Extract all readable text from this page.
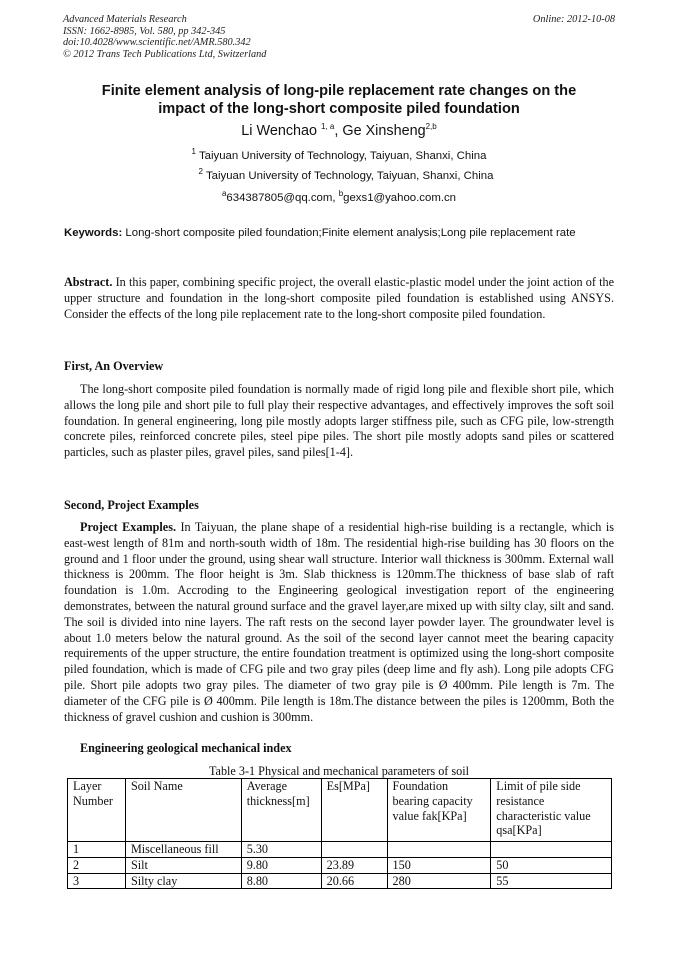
Advanced Materials Research
ISSN: 1662-8985, Vol. 580, pp 342-345
doi:10.4028/www.scientific.net/AMR.580.342
© 2012 Trans Tech Publications Ltd, Switzerland
Online: 2012-10-08
Finite element analysis of long-pile replacement rate changes on the
impact of the long-short composite piled foundation
Li Wenchao $^{1, a}$, Ge Xinsheng$^{2,b}$
$^1$ Taiyuan University of Technology, Taiyuan, Shanxi, China
$^2$ Taiyuan University of Technology, Taiyuan, Shanxi, China
$^a$634387805@qq.com, $^b$gexs1@yahoo.com.cn
Keywords: Long-short composite piled foundation;Finite element analysis;Long pile replacement rate
Abstract. In this paper, combining specific project, the overall elastic-plastic model under the joint action of the upper structure and foundation in the long-short composite piled foundation is established using ANSYS. Consider the effects of the long pile replacement rate to the long-short composite piled foundation.
First, An Overview
The long-short composite piled foundation is normally made of rigid long pile and flexible short pile, which allows the long pile and short pile to full play their respective advantages, and effectively improves the soft soil foundation. In general engineering, long pile mostly adopts larger stiffness pile, such as CFG pile, low-strength concrete piles, reinforced concrete piles, steel pipe piles. The short pile mostly adopts sand piles or scattered particles, such as plaster piles, gravel piles, sand piles[1-4].
Second, Project Examples
Project Examples. In Taiyuan, the plane shape of a residential high-rise building is a rectangle, which is east-west length of 81m and north-south width of 18m. The residential high-rise building has 30 floors on the ground and 1 floor under the ground, using shear wall structure. Interior wall thickness is 300mm. External wall thickness is 200mm. The floor height is 3m. Slab thickness is 120mm.The thickness of base slab of raft foundation is 1.0m. Accroding to the Engineering geological investigation report of the engineering demonstrates, between the natural ground surface and the gravel layer,are mixed up with silty clay, silt and sand. The soil is divided into nine layers. The raft rests on the second layer powder layer. The groundwater level is about 1.0 meters below the natural ground. As the soil of the second layer cannot meet the bearing capacity requirements of the upper structure, the entire foundation treatment is optimized using the long-short composite piled foundation, which is made of CFG pile and two gray piles (deep lime and fly ash). Long pile adopts CFG pile. Short pile adopts two gray piles. The diameter of two gray pile is Ø 400mm. Pile length is 7m. The diameter of the CFG pile is Ø 400mm. Pile length is 18m.The distance between the piles is 1200mm, Both the thickness of gravel cushion and cushion is 300mm.
Engineering geological mechanical index
Table 3-1 Physical and mechanical parameters of soil
Layer Number	Soil Name	Average thickness[m]	Es[MPa]	Foundation bearing capacity value fak[KPa]	Limit of pile side resistance characteristic value qsa[KPa]
1	Miscellaneous fill	5.30			
2	Silt	9.80	23.89	150	50
3	Silty clay	8.80	20.66	280	55
